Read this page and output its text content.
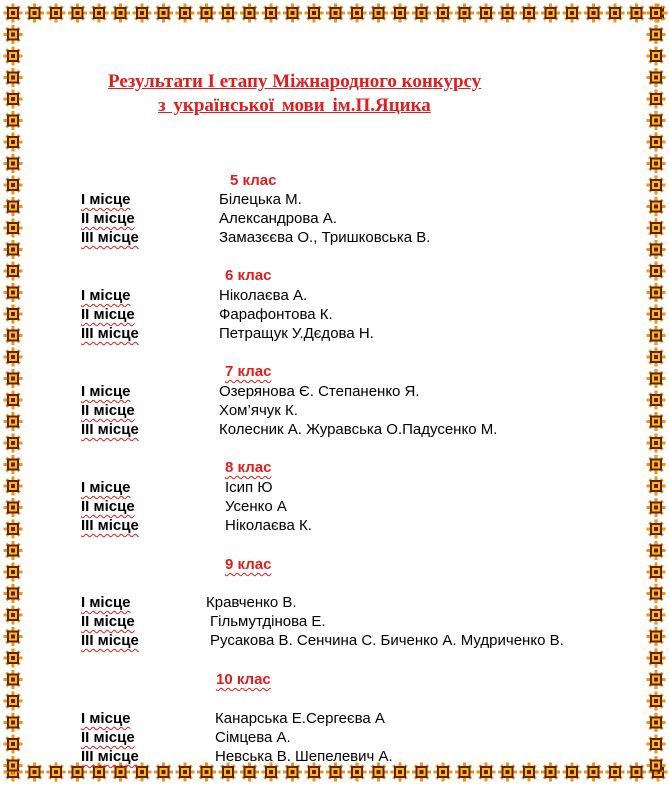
Результати І етапу Міжнародного конкурсу
з української мови ім.П.Яцика
5 клас
І місце	Білецька М.
ІІ місце	Александрова А.
ІІІ місце	Замазєєва О., Тришковська В.
6 клас
І місце	Ніколаєва А.
ІІ місце	Фарафонтова К.
ІІІ місце	Петращук У.Дєдова Н.
7 клас
І місце	Озерянова Є. Степаненко Я.
ІІ місце	Хом’ячук К.
ІІІ місце	Колесник А. Журавська О.Падусенко М.
8 клас
І місце	Ісип Ю
ІІ місце	Усенко А
ІІІ місце	Ніколаєва К.
9 клас
І місце	Кравченко В.
ІІ місце	Гільмутдінова Е.
ІІІ місце	Русакова В. Сенчина С. Биченко А. Мудриченко В.
10 клас
І місце	Канарська Е.Сергеєва А
ІІ місце	Сімцева А.
ІІІ місце	Невська В. Шепелевич А.
